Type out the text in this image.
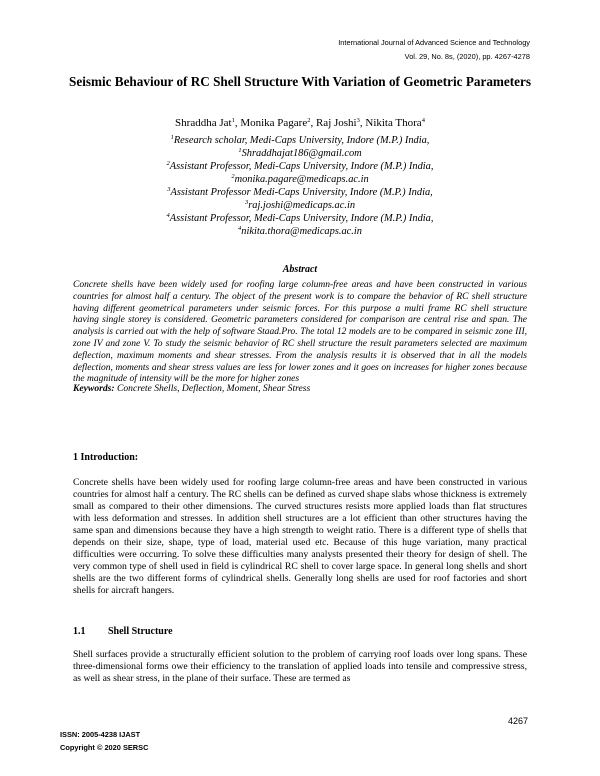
International Journal of Advanced Science and Technology
Vol. 29, No. 8s, (2020), pp. 4267-4278
Seismic Behaviour of RC Shell Structure With Variation of Geometric Parameters
Shraddha Jat$^1$, Monika Pagare$^2$, Raj Joshi$^3$, Nikita Thora$^4$
$^1$Research scholar, Medi-Caps University, Indore (M.P.) India,
$^1$Shraddhajat186@gmail.com
$^2$Assistant Professor, Medi-Caps University, Indore (M.P.) India,
$^2$monika.pagare@medicaps.ac.in
$^3$Assistant Professor Medi-Caps University, Indore (M.P.) India,
$^3$raj.joshi@medicaps.ac.in
$^4$Assistant Professor, Medi-Caps University, Indore (M.P.) India,
$^4$nikita.thora@medicaps.ac.in
Abstract

Concrete shells have been widely used for roofing large column-free areas and have been constructed in various countries for almost half a century. The object of the present work is to compare the behavior of RC shell structure having different geometrical parameters under seismic forces. For this purpose a multi frame RC shell structure having single storey is considered. Geometric parameters considered for comparison are central rise and span. The analysis is carried out with the help of software Staad.Pro. The total 12 models are to be compared in seismic zone III, zone IV and zone V. To study the seismic behavior of RC shell structure the result parameters selected are maximum deflection, maximum moments and shear stresses. From the analysis results it is observed that in all the models deflection, moments and shear stress values are less for lower zones and it goes on increases for higher zones because the magnitude of intensity will be the more for higher zones

Keywords: Concrete Shells, Deflection, Moment, Shear Stress
1 Introduction:

Concrete shells have been widely used for roofing large column-free areas and have been constructed in various countries for almost half a century. The RC shells can be defined as curved shape slabs whose thickness is extremely small as compared to their other dimensions. The curved structures resists more applied loads than flat structures with less deformation and stresses. In addition shell structures are a lot efficient than other structures having the same span and dimensions because they have a high strength to weight ratio. There is a different type of shells that depends on their size, shape, type of load, material used etc. Because of this huge variation, many practical difficulties were occurring. To solve these difficulties many analysts presented their theory for design of shell. The very common type of shell used in field is cylindrical RC shell to cover large space. In general long shells and short shells are the two different forms of cylindrical shells. Generally long shells are used for roof factories and short shells for aircraft hangers.

1.1 Shell Structure

Shell surfaces provide a structurally efficient solution to the problem of carrying roof loads over long spans. These three-dimensional forms owe their efficiency to the translation of applied loads into tensile and compressive stress, as well as shear stress, in the plane of their surface. These are termed as

4267
ISSN: 2005-4238 IJAST
Copyright © 2020 SERSC
